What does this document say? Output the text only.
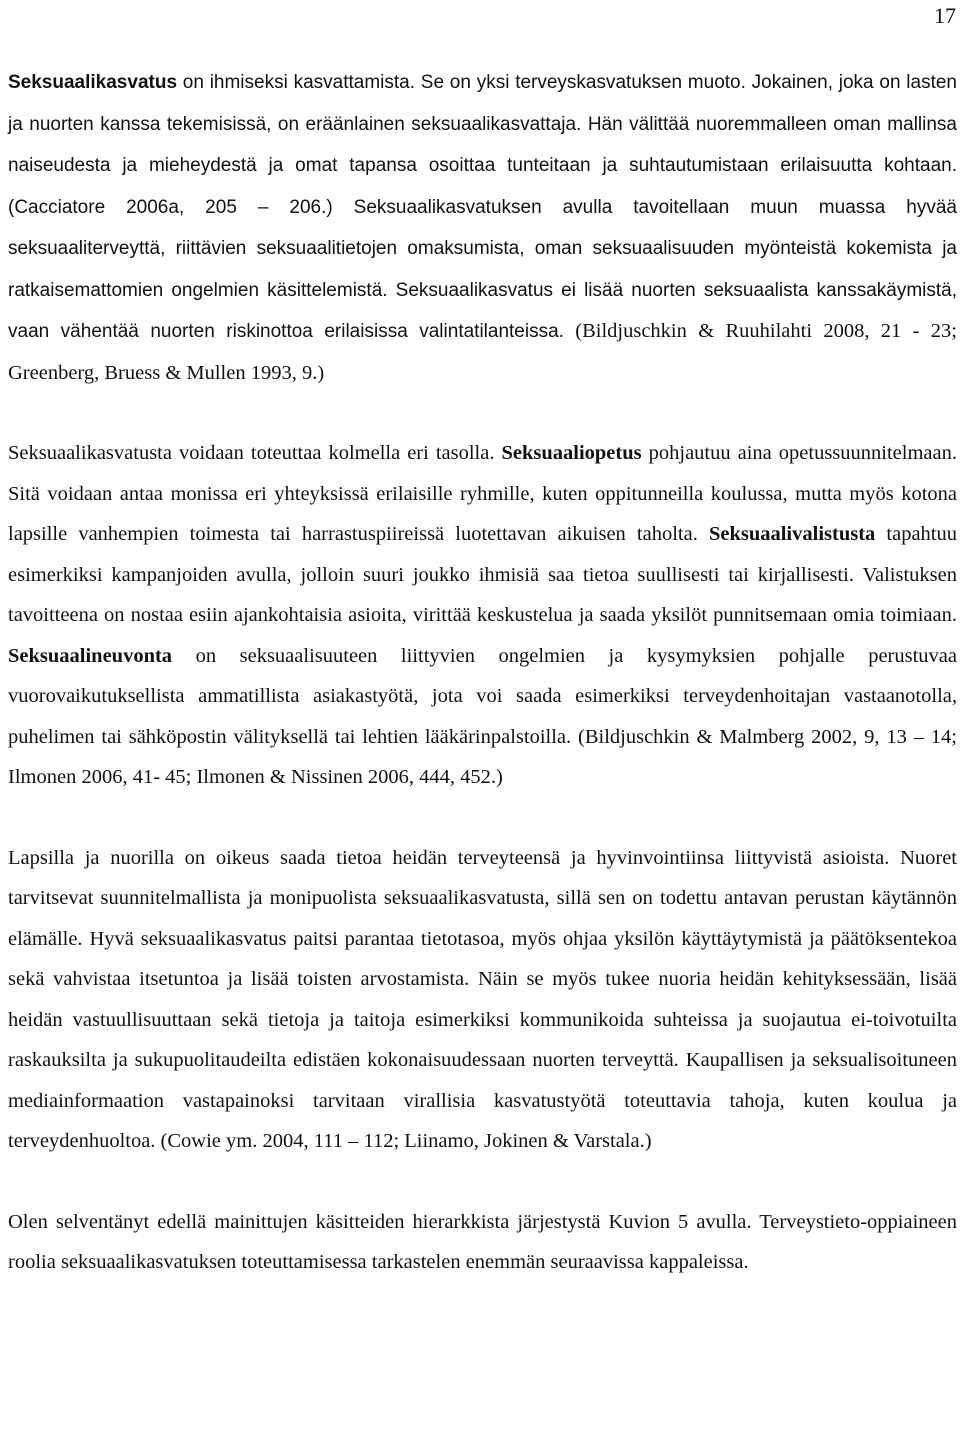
17

Seksuaalikasvatus on ihmiseksi kasvattamista. Se on yksi terveyskasvatuksen muoto. Jokainen, joka on lasten ja nuorten kanssa tekemisissä, on eräänlainen seksuaalikasvattaja. Hän välittää nuoremmalleen oman mallinsa naiseudesta ja mieheydestä ja omat tapansa osoittaa tunteitaan ja suhtautumistaan erilaisuutta kohtaan. (Cacciatore 2006a, 205 – 206.) Seksuaalikasvatuksen avulla tavoitellaan muun muassa hyvää seksuaaliterveyttä, riittävien seksuaalitietojen omaksumista, oman seksuaalisuuden myönteistä kokemista ja ratkaisemattomien ongelmien käsittelemistä. Seksuaalikasvatus ei lisää nuorten seksuaalista kanssakäymistä, vaan vähentää nuorten riskinottoa erilaisissa valintatilanteissa. (Bildjuschkin & Ruuhilahti 2008, 21 - 23; Greenberg, Bruess & Mullen 1993, 9.)

Seksuaalikasvatusta voidaan toteuttaa kolmella eri tasolla. Seksuaaliopetus pohjautuu aina opetussuunnitelmaan. Sitä voidaan antaa monissa eri yhteyksissä erilaisille ryhmille, kuten oppitunneilla koulussa, mutta myös kotona lapsille vanhempien toimesta tai harrastuspiireissä luotettavan aikuisen taholta. Seksuaalivalistusta tapahtuu esimerkiksi kampanjoiden avulla, jolloin suuri joukko ihmisiä saa tietoa suullisesti tai kirjallisesti. Valistuksen tavoitteena on nostaa esiin ajankohtaisia asioita, virittää keskustelua ja saada yksilöt punnitsemaan omia toimiaan. Seksuaalineuvonta on seksuaalisuuteen liittyvien ongelmien ja kysymyksien pohjalle perustuvaa vuorovaikutuksellista ammatillista asiakastyötä, jota voi saada esimerkiksi terveydenhoitajan vastaanotolla, puhelimen tai sähköpostin välityksellä tai lehtien lääkärinpalstoilla. (Bildjuschkin & Malmberg 2002, 9, 13 – 14; Ilmonen 2006, 41- 45; Ilmonen & Nissinen 2006, 444, 452.)

Lapsilla ja nuorilla on oikeus saada tietoa heidän terveyteensä ja hyvinvointiinsa liittyvistä asioista. Nuoret tarvitsevat suunnitelmallista ja monipuolista seksuaalikasvatusta, sillä sen on todettu antavan perustan käytännön elämälle. Hyvä seksuaalikasvatus paitsi parantaa tietotasoa, myös ohjaa yksilön käyttäytymistä ja päätöksentekoa sekä vahvistaa itsetuntoa ja lisää toisten arvostamista. Näin se myös tukee nuoria heidän kehityksessään, lisää heidän vastuullisuuttaan sekä tietoja ja taitoja esimerkiksi kommunikoida suhteissa ja suojautua ei-toivotuilta raskauksilta ja sukupuolitaudeilta edistäen kokonaisuudessaan nuorten terveyttä. Kaupallisen ja seksualisoituneen mediainformaation vastapainoksi tarvitaan virallisia kasvatustyötä toteuttavia tahoja, kuten koulua ja terveydenhuoltoa. (Cowie ym. 2004, 111 – 112; Liinamo, Jokinen & Varstala.)

Olen selventänyt edellä mainittujen käsitteiden hierarkkista järjestystä Kuvion 5 avulla. Terveystieto-oppiaineen roolia seksuaalikasvatuksen toteuttamisessa tarkastelen enemmän seuraavissa kappaleissa.
